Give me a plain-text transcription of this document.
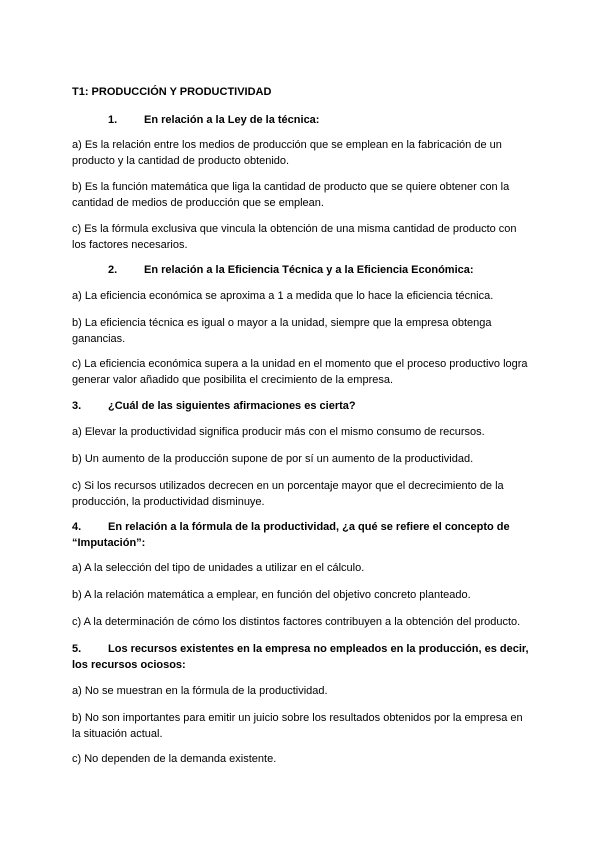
T1: PRODUCCIÓN Y PRODUCTIVIDAD
1. En relación a la Ley de la técnica:
a) Es la relación entre los medios de producción que se emplean en la fabricación de un producto y la cantidad de producto obtenido.
b) Es la función matemática que liga la cantidad de producto que se quiere obtener con la cantidad de medios de producción que se emplean.
c) Es la fórmula exclusiva que vincula la obtención de una misma cantidad de producto con los factores necesarios.
2. En relación a la Eficiencia Técnica y a la Eficiencia Económica:
a) La eficiencia económica se aproxima a 1 a medida que lo hace la eficiencia técnica.
b) La eficiencia técnica es igual o mayor a la unidad, siempre que la empresa obtenga ganancias.
c) La eficiencia económica supera a la unidad en el momento que el proceso productivo logra generar valor añadido que posibilita el crecimiento de la empresa.
3. ¿Cuál de las siguientes afirmaciones es cierta?
a) Elevar la productividad significa producir más con el mismo consumo de recursos.
b) Un aumento de la producción supone de por sí un aumento de la productividad.
c) Si los recursos utilizados decrecen en un porcentaje mayor que el decrecimiento de la producción, la productividad disminuye.
4. En relación a la fórmula de la productividad, ¿a qué se refiere el concepto de “Imputación”:
a) A la selección del tipo de unidades a utilizar en el cálculo.
b) A la relación matemática a emplear, en función del objetivo concreto planteado.
c) A la determinación de cómo los distintos factores contribuyen a la obtención del producto.
5. Los recursos existentes en la empresa no empleados en la producción, es decir, los recursos ociosos:
a) No se muestran en la fórmula de la productividad.
b) No son importantes para emitir un juicio sobre los resultados obtenidos por la empresa en la situación actual.
c) No dependen de la demanda existente.
